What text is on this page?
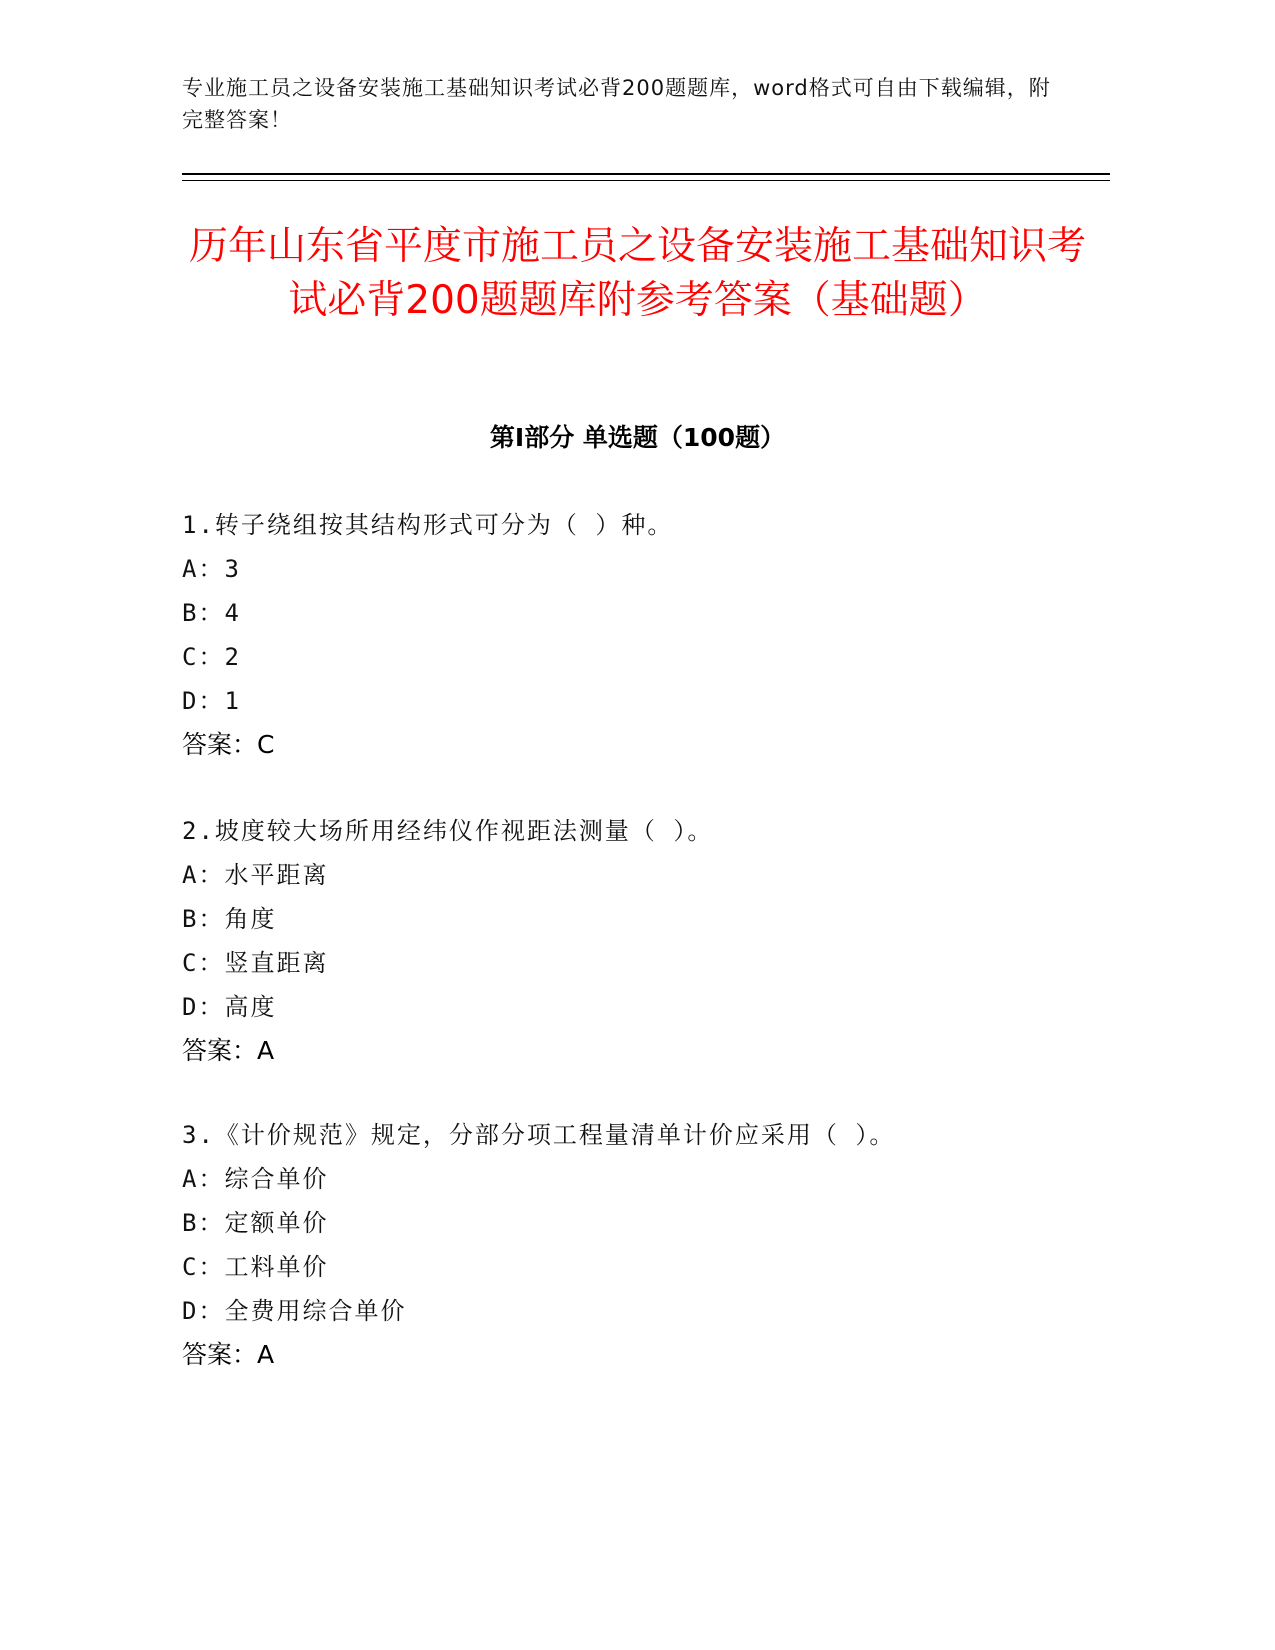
专业施工员之设备安装施工基础知识考试必背200题题库，word格式可自由下载编辑，附完整答案！
历年山东省平度市施工员之设备安装施工基础知识考试必背200题题库附参考答案（基础题）
第Ⅰ部分 单选题（100题）
1.转子绕组按其结构形式可分为（ ）种。
A：3
B：4
C：2
D：1
答案：C
2.坡度较大场所用经纬仪作视距法测量（ ）。
A：水平距离
B：角度
C：竖直距离
D：高度
答案：A
3.《计价规范》规定，分部分项工程量清单计价应采用（ ）。
A：综合单价
B：定额单价
C：工料单价
D：全费用综合单价
答案：A
